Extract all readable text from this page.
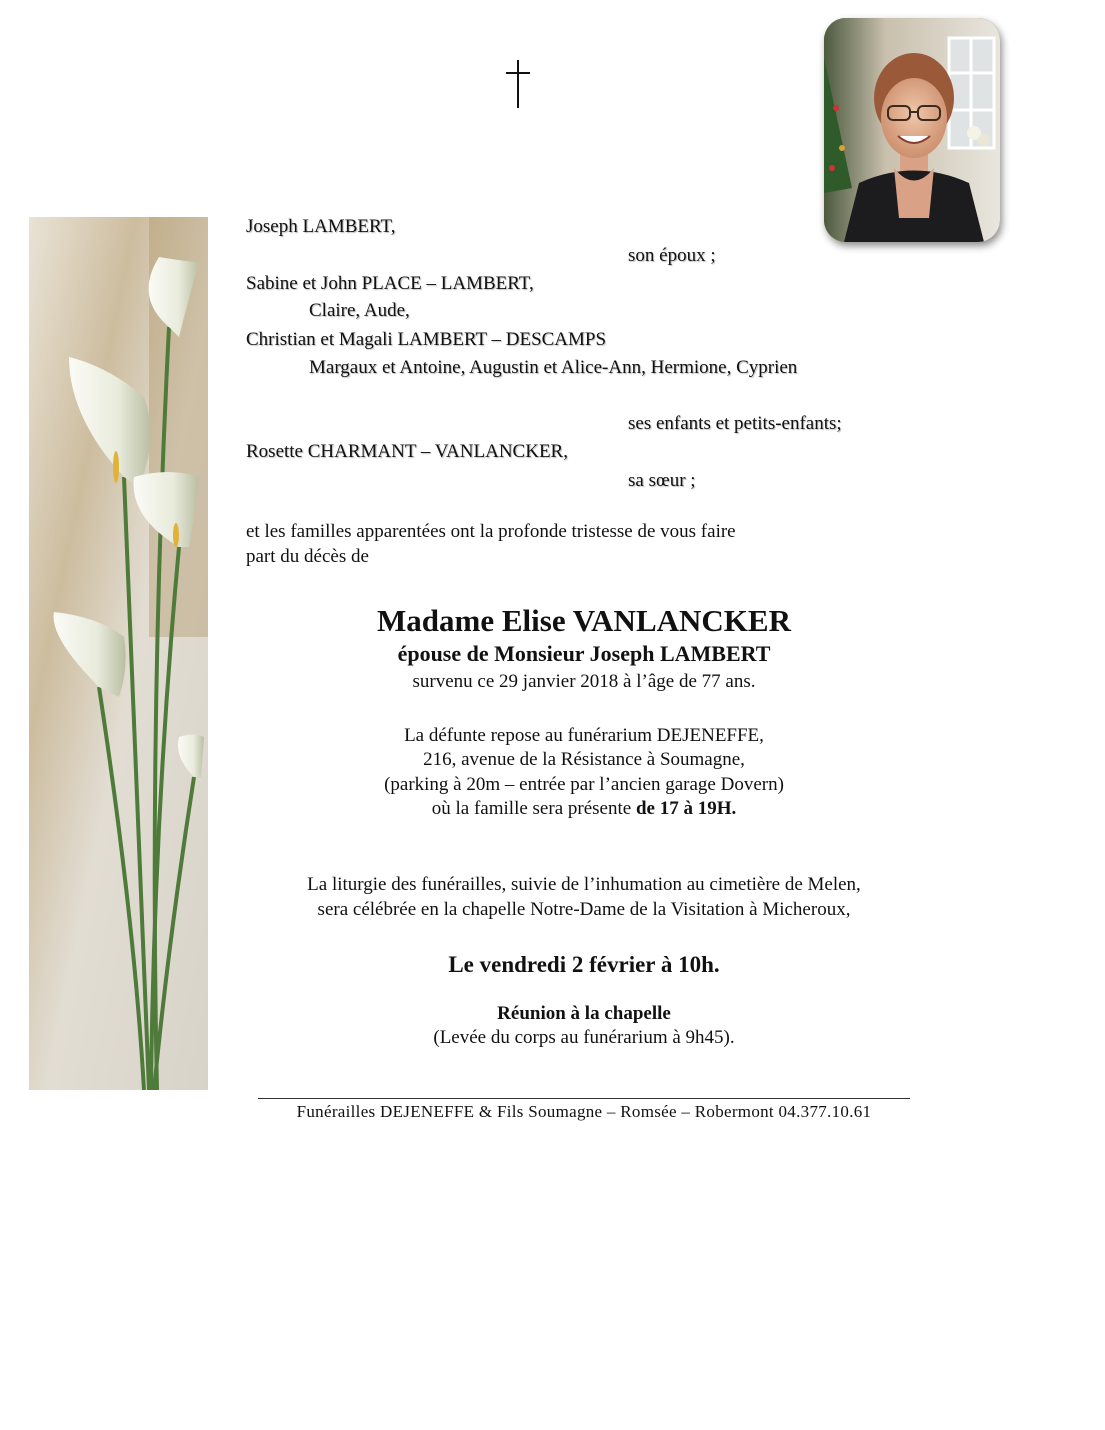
Joseph LAMBERT,
son époux ;
Sabine et John PLACE – LAMBERT,
Claire, Aude,
Christian et Magali LAMBERT – DESCAMPS
Margaux et Antoine, Augustin et Alice-Ann, Hermione, Cyprien
ses enfants et petits-enfants;
Rosette CHARMANT – VANLANCKER,
sa sœur ;
et les familles apparentées ont la profonde tristesse de vous faire
part du décès de
Madame Elise VANLANCKER
épouse de Monsieur Joseph LAMBERT
survenu ce 29 janvier 2018 à l’âge de 77 ans.
La défunte repose au funérarium DEJENEFFE,
216, avenue de la Résistance à Soumagne,
(parking à 20m – entrée par l’ancien garage Dovern)
où la famille sera présente de 17 à 19H.
La liturgie des funérailles, suivie de l’inhumation au cimetière de Melen,
sera célébrée en la chapelle Notre-Dame de la Visitation à Micheroux,
Le vendredi 2 février à 10h.
Réunion à la chapelle
(Levée du corps au funérarium à 9h45).
Funérailles DEJENEFFE & Fils Soumagne – Romsée – Robermont 04.377.10.61
